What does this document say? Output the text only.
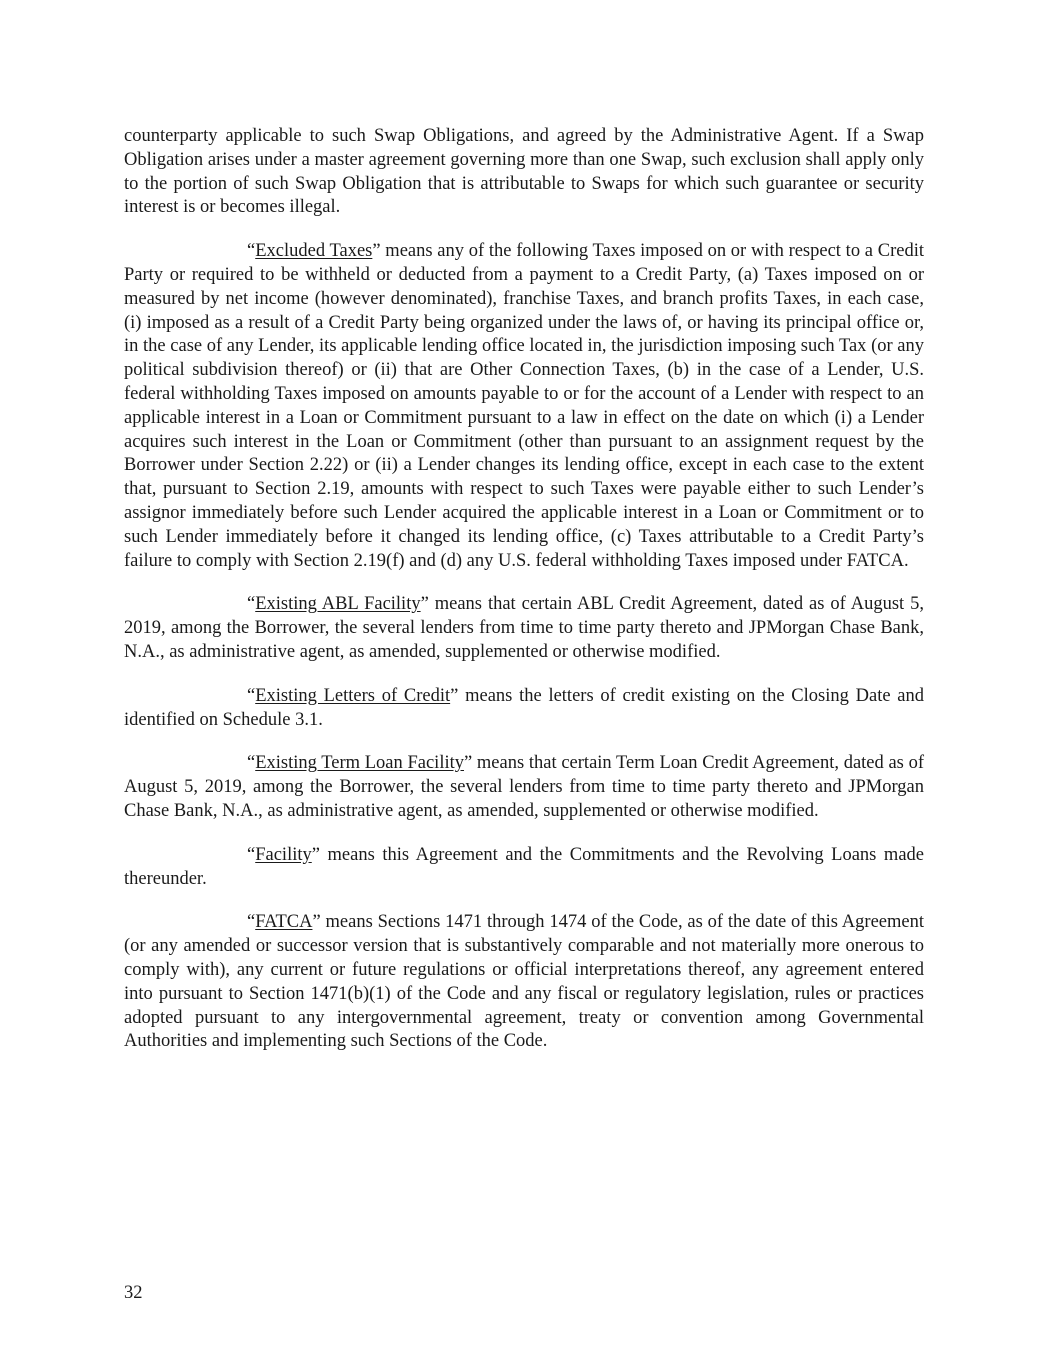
counterparty applicable to such Swap Obligations, and agreed by the Administrative Agent. If a Swap Obligation arises under a master agreement governing more than one Swap, such exclusion shall apply only to the portion of such Swap Obligation that is attributable to Swaps for which such guarantee or security interest is or becomes illegal.

“Excluded Taxes” means any of the following Taxes imposed on or with respect to a Credit Party or required to be withheld or deducted from a payment to a Credit Party, (a) Taxes imposed on or measured by net income (however denominated), franchise Taxes, and branch profits Taxes, in each case, (i) imposed as a result of a Credit Party being organized under the laws of, or having its principal office or, in the case of any Lender, its applicable lending office located in, the jurisdiction imposing such Tax (or any political subdivision thereof) or (ii) that are Other Connection Taxes, (b) in the case of a Lender, U.S. federal withholding Taxes imposed on amounts payable to or for the account of a Lender with respect to an applicable interest in a Loan or Commitment pursuant to a law in effect on the date on which (i) a Lender acquires such interest in the Loan or Commitment (other than pursuant to an assignment request by the Borrower under Section 2.22) or (ii) a Lender changes its lending office, except in each case to the extent that, pursuant to Section 2.19, amounts with respect to such Taxes were payable either to such Lender’s assignor immediately before such Lender acquired the applicable interest in a Loan or Commitment or to such Lender immediately before it changed its lending office, (c) Taxes attributable to a Credit Party’s failure to comply with Section 2.19(f) and (d) any U.S. federal withholding Taxes imposed under FATCA.

“Existing ABL Facility” means that certain ABL Credit Agreement, dated as of August 5, 2019, among the Borrower, the several lenders from time to time party thereto and JPMorgan Chase Bank, N.A., as administrative agent, as amended, supplemented or otherwise modified.

“Existing Letters of Credit” means the letters of credit existing on the Closing Date and identified on Schedule 3.1.

“Existing Term Loan Facility” means that certain Term Loan Credit Agreement, dated as of August 5, 2019, among the Borrower, the several lenders from time to time party thereto and JPMorgan Chase Bank, N.A., as administrative agent, as amended, supplemented or otherwise modified.

“Facility” means this Agreement and the Commitments and the Revolving Loans made thereunder.

“FATCA” means Sections 1471 through 1474 of the Code, as of the date of this Agreement (or any amended or successor version that is substantively comparable and not materially more onerous to comply with), any current or future regulations or official interpretations thereof, any agreement entered into pursuant to Section 1471(b)(1) of the Code and any fiscal or regulatory legislation, rules or practices adopted pursuant to any intergovernmental agreement, treaty or convention among Governmental Authorities and implementing such Sections of the Code.

32
